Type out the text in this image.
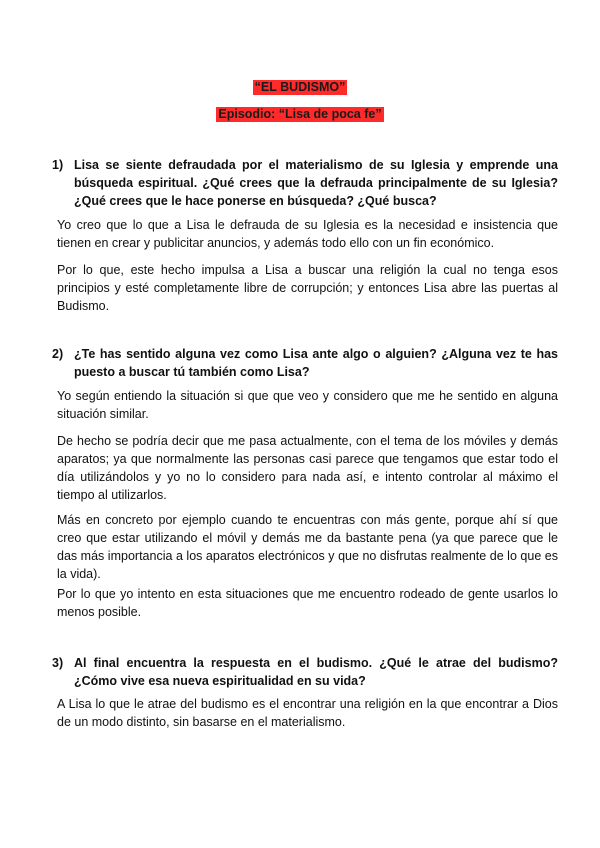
“EL BUDISMO”
Episodio: “Lisa de poca fe”
1) Lisa se siente defraudada por el materialismo de su Iglesia y emprende una búsqueda espiritual. ¿Qué crees que la defrauda principalmente de su Iglesia? ¿Qué crees que le hace ponerse en búsqueda? ¿Qué busca?

Yo creo que lo que a Lisa le defrauda de su Iglesia es la necesidad e insistencia que tienen en crear y publicitar anuncios, y además todo ello con un fin económico.

Por lo que, este hecho impulsa a Lisa a buscar una religión la cual no tenga esos principios y esté completamente libre de corrupción; y entonces Lisa abre las puertas al Budismo.

2) ¿Te has sentido alguna vez como Lisa ante algo o alguien? ¿Alguna vez te has puesto a buscar tú también como Lisa?

Yo según entiendo la situación si que que veo y considero que me he sentido en alguna situación similar.

De hecho se podría decir que me pasa actualmente, con el tema de los móviles y demás aparatos; ya que normalmente las personas casi parece que tengamos que estar todo el día utilizándolos y yo no lo considero para nada así, e intento controlar al máximo el tiempo al utilizarlos.

Más en concreto por ejemplo cuando te encuentras con más gente, porque ahí sí que creo que estar utilizando el móvil y demás me da bastante pena (ya que parece que le das más importancia a los aparatos electrónicos y que no disfrutas realmente de lo que es la vida).

Por lo que yo intento en esta situaciones que me encuentro rodeado de gente usarlos lo menos posible.

3) Al final encuentra la respuesta en el budismo. ¿Qué le atrae del budismo? ¿Cómo vive esa nueva espiritualidad en su vida?

A Lisa lo que le atrae del budismo es el encontrar una religión en la que encontrar a Dios de un modo distinto, sin basarse en el materialismo.
